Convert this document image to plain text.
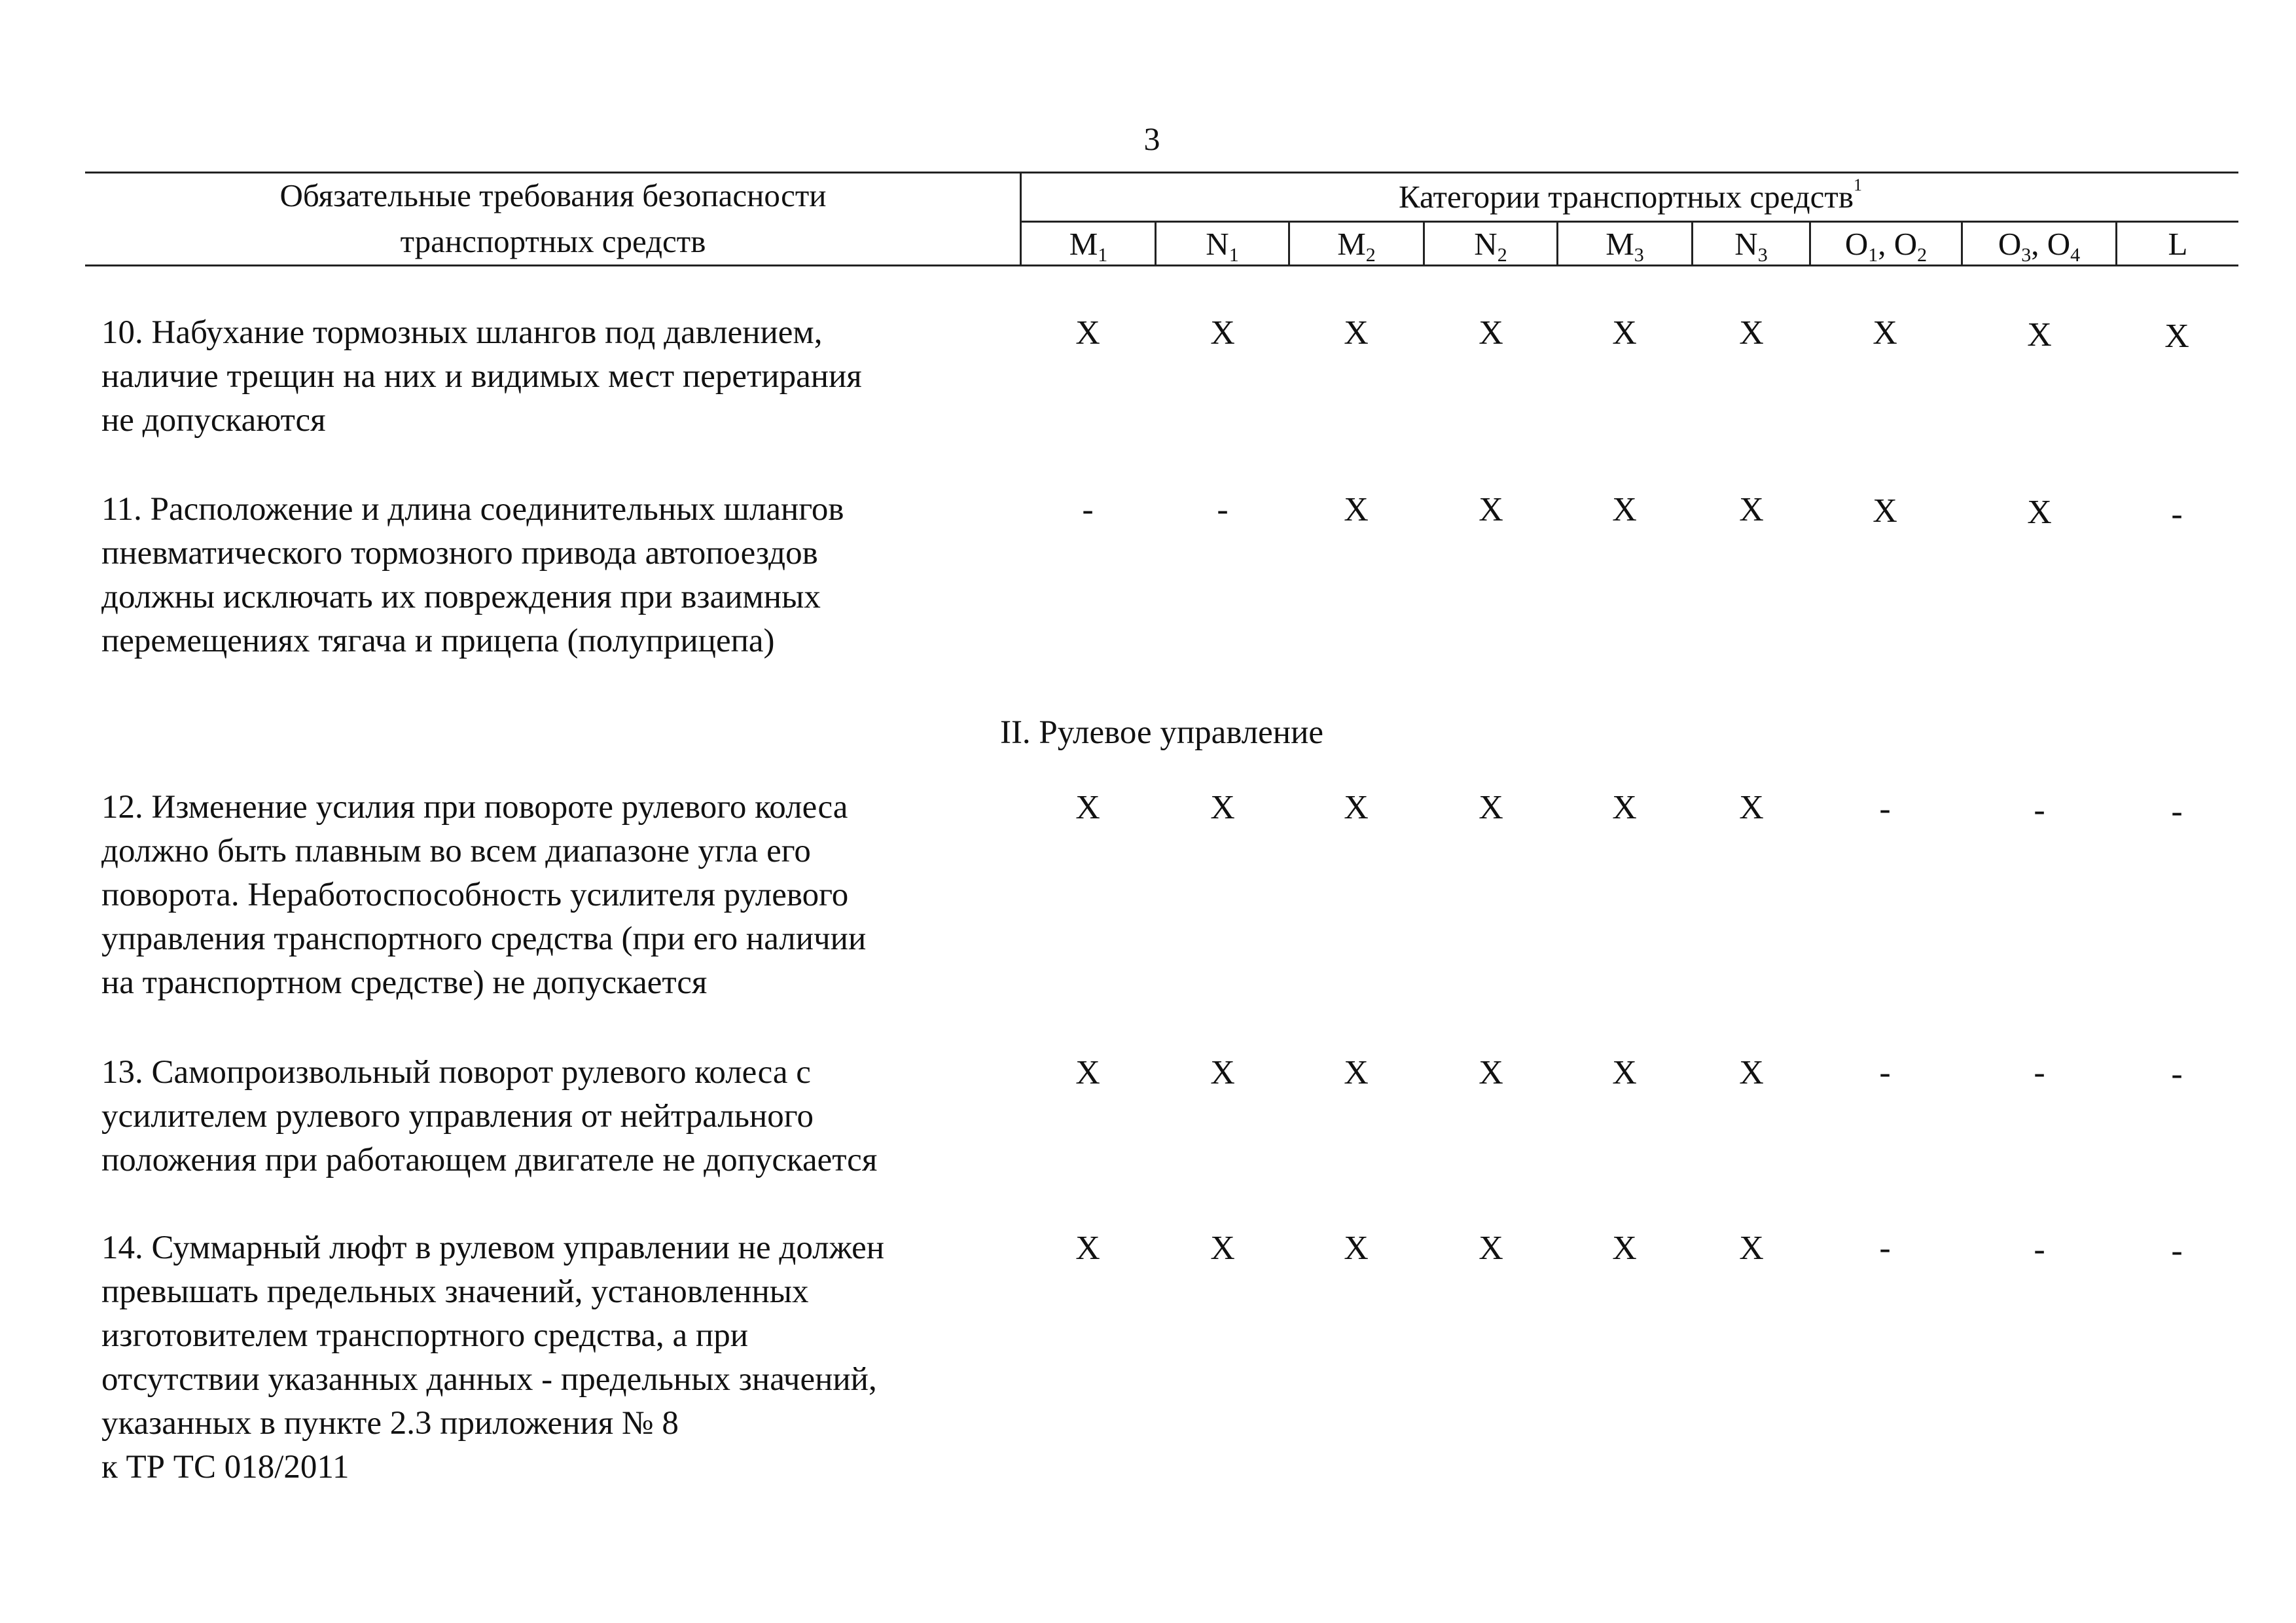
3
Обязательные требования безопасности
транспортных средств
Категории транспортных средств$^1$
$M_1$	$N_1$	$M_2$	$N_2$	$M_3$	$N_3$	$O_1$, $O_2$	$O_3$, $O_4$	L
10. Набухание тормозных шлангов под давлением,
наличие трещин на них и видимых мест перетирания
не допускаются
X	X	X	X	X	X	X	X	X
11. Расположение и длина соединительных шлангов
пневматического тормозного привода автопоездов
должны исключать их повреждения при взаимных
перемещениях тягача и прицепа (полуприцепа)
-	-	X	X	X	X	X	X	-
II. Рулевое управление
12. Изменение усилия при повороте рулевого колеса
должно быть плавным во всем диапазоне угла его
поворота. Неработоспособность усилителя рулевого
управления транспортного средства (при его наличии
на транспортном средстве) не допускается
X	X	X	X	X	X	-	-	-
13. Самопроизвольный поворот рулевого колеса с
усилителем рулевого управления от нейтрального
положения при работающем двигателе не допускается
X	X	X	X	X	X	-	-	-
14. Суммарный люфт в рулевом управлении не должен
превышать предельных значений, установленных
изготовителем транспортного средства, а при
отсутствии указанных данных - предельных значений,
указанных в пункте 2.3 приложения № 8
к ТР ТС 018/2011
X	X	X	X	X	X	-	-	-
